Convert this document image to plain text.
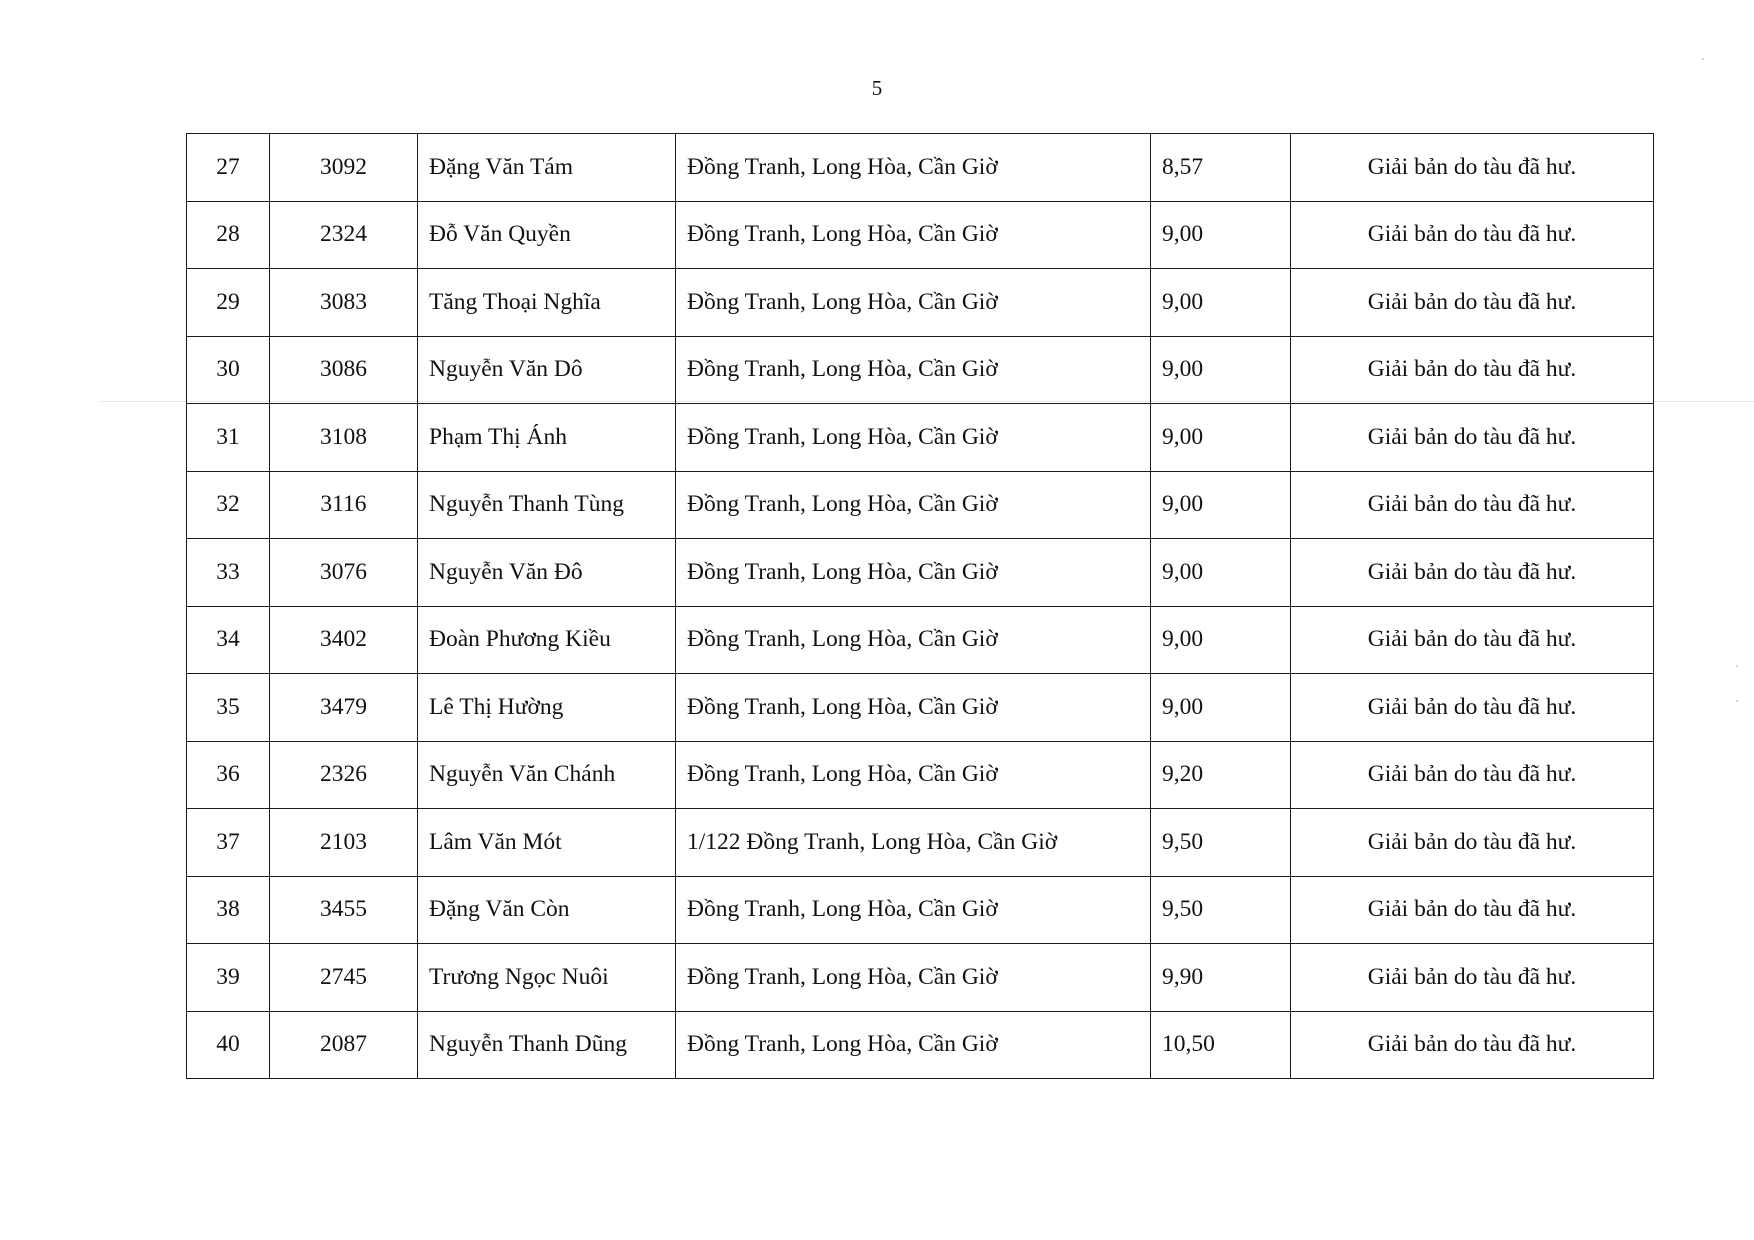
5
27	3092	Đặng Văn Tám	Đồng Tranh, Long Hòa, Cần Giờ	8,57	Giải bản do tàu đã hư.
28	2324	Đỗ Văn Quyền	Đồng Tranh, Long Hòa, Cần Giờ	9,00	Giải bản do tàu đã hư.
29	3083	Tăng Thoại Nghĩa	Đồng Tranh, Long Hòa, Cần Giờ	9,00	Giải bản do tàu đã hư.
30	3086	Nguyễn Văn Dô	Đồng Tranh, Long Hòa, Cần Giờ	9,00	Giải bản do tàu đã hư.
31	3108	Phạm Thị Ánh	Đồng Tranh, Long Hòa, Cần Giờ	9,00	Giải bản do tàu đã hư.
32	3116	Nguyễn Thanh Tùng	Đồng Tranh, Long Hòa, Cần Giờ	9,00	Giải bản do tàu đã hư.
33	3076	Nguyễn Văn Đô	Đồng Tranh, Long Hòa, Cần Giờ	9,00	Giải bản do tàu đã hư.
34	3402	Đoàn Phương Kiều	Đồng Tranh, Long Hòa, Cần Giờ	9,00	Giải bản do tàu đã hư.
35	3479	Lê Thị Hường	Đồng Tranh, Long Hòa, Cần Giờ	9,00	Giải bản do tàu đã hư.
36	2326	Nguyễn Văn Chánh	Đồng Tranh, Long Hòa, Cần Giờ	9,20	Giải bản do tàu đã hư.
37	2103	Lâm Văn Mót	1/122 Đồng Tranh, Long Hòa, Cần Giờ	9,50	Giải bản do tàu đã hư.
38	3455	Đặng Văn Còn	Đồng Tranh, Long Hòa, Cần Giờ	9,50	Giải bản do tàu đã hư.
39	2745	Trương Ngọc Nuôi	Đồng Tranh, Long Hòa, Cần Giờ	9,90	Giải bản do tàu đã hư.
40	2087	Nguyễn Thanh Dũng	Đồng Tranh, Long Hòa, Cần Giờ	10,50	Giải bản do tàu đã hư.
